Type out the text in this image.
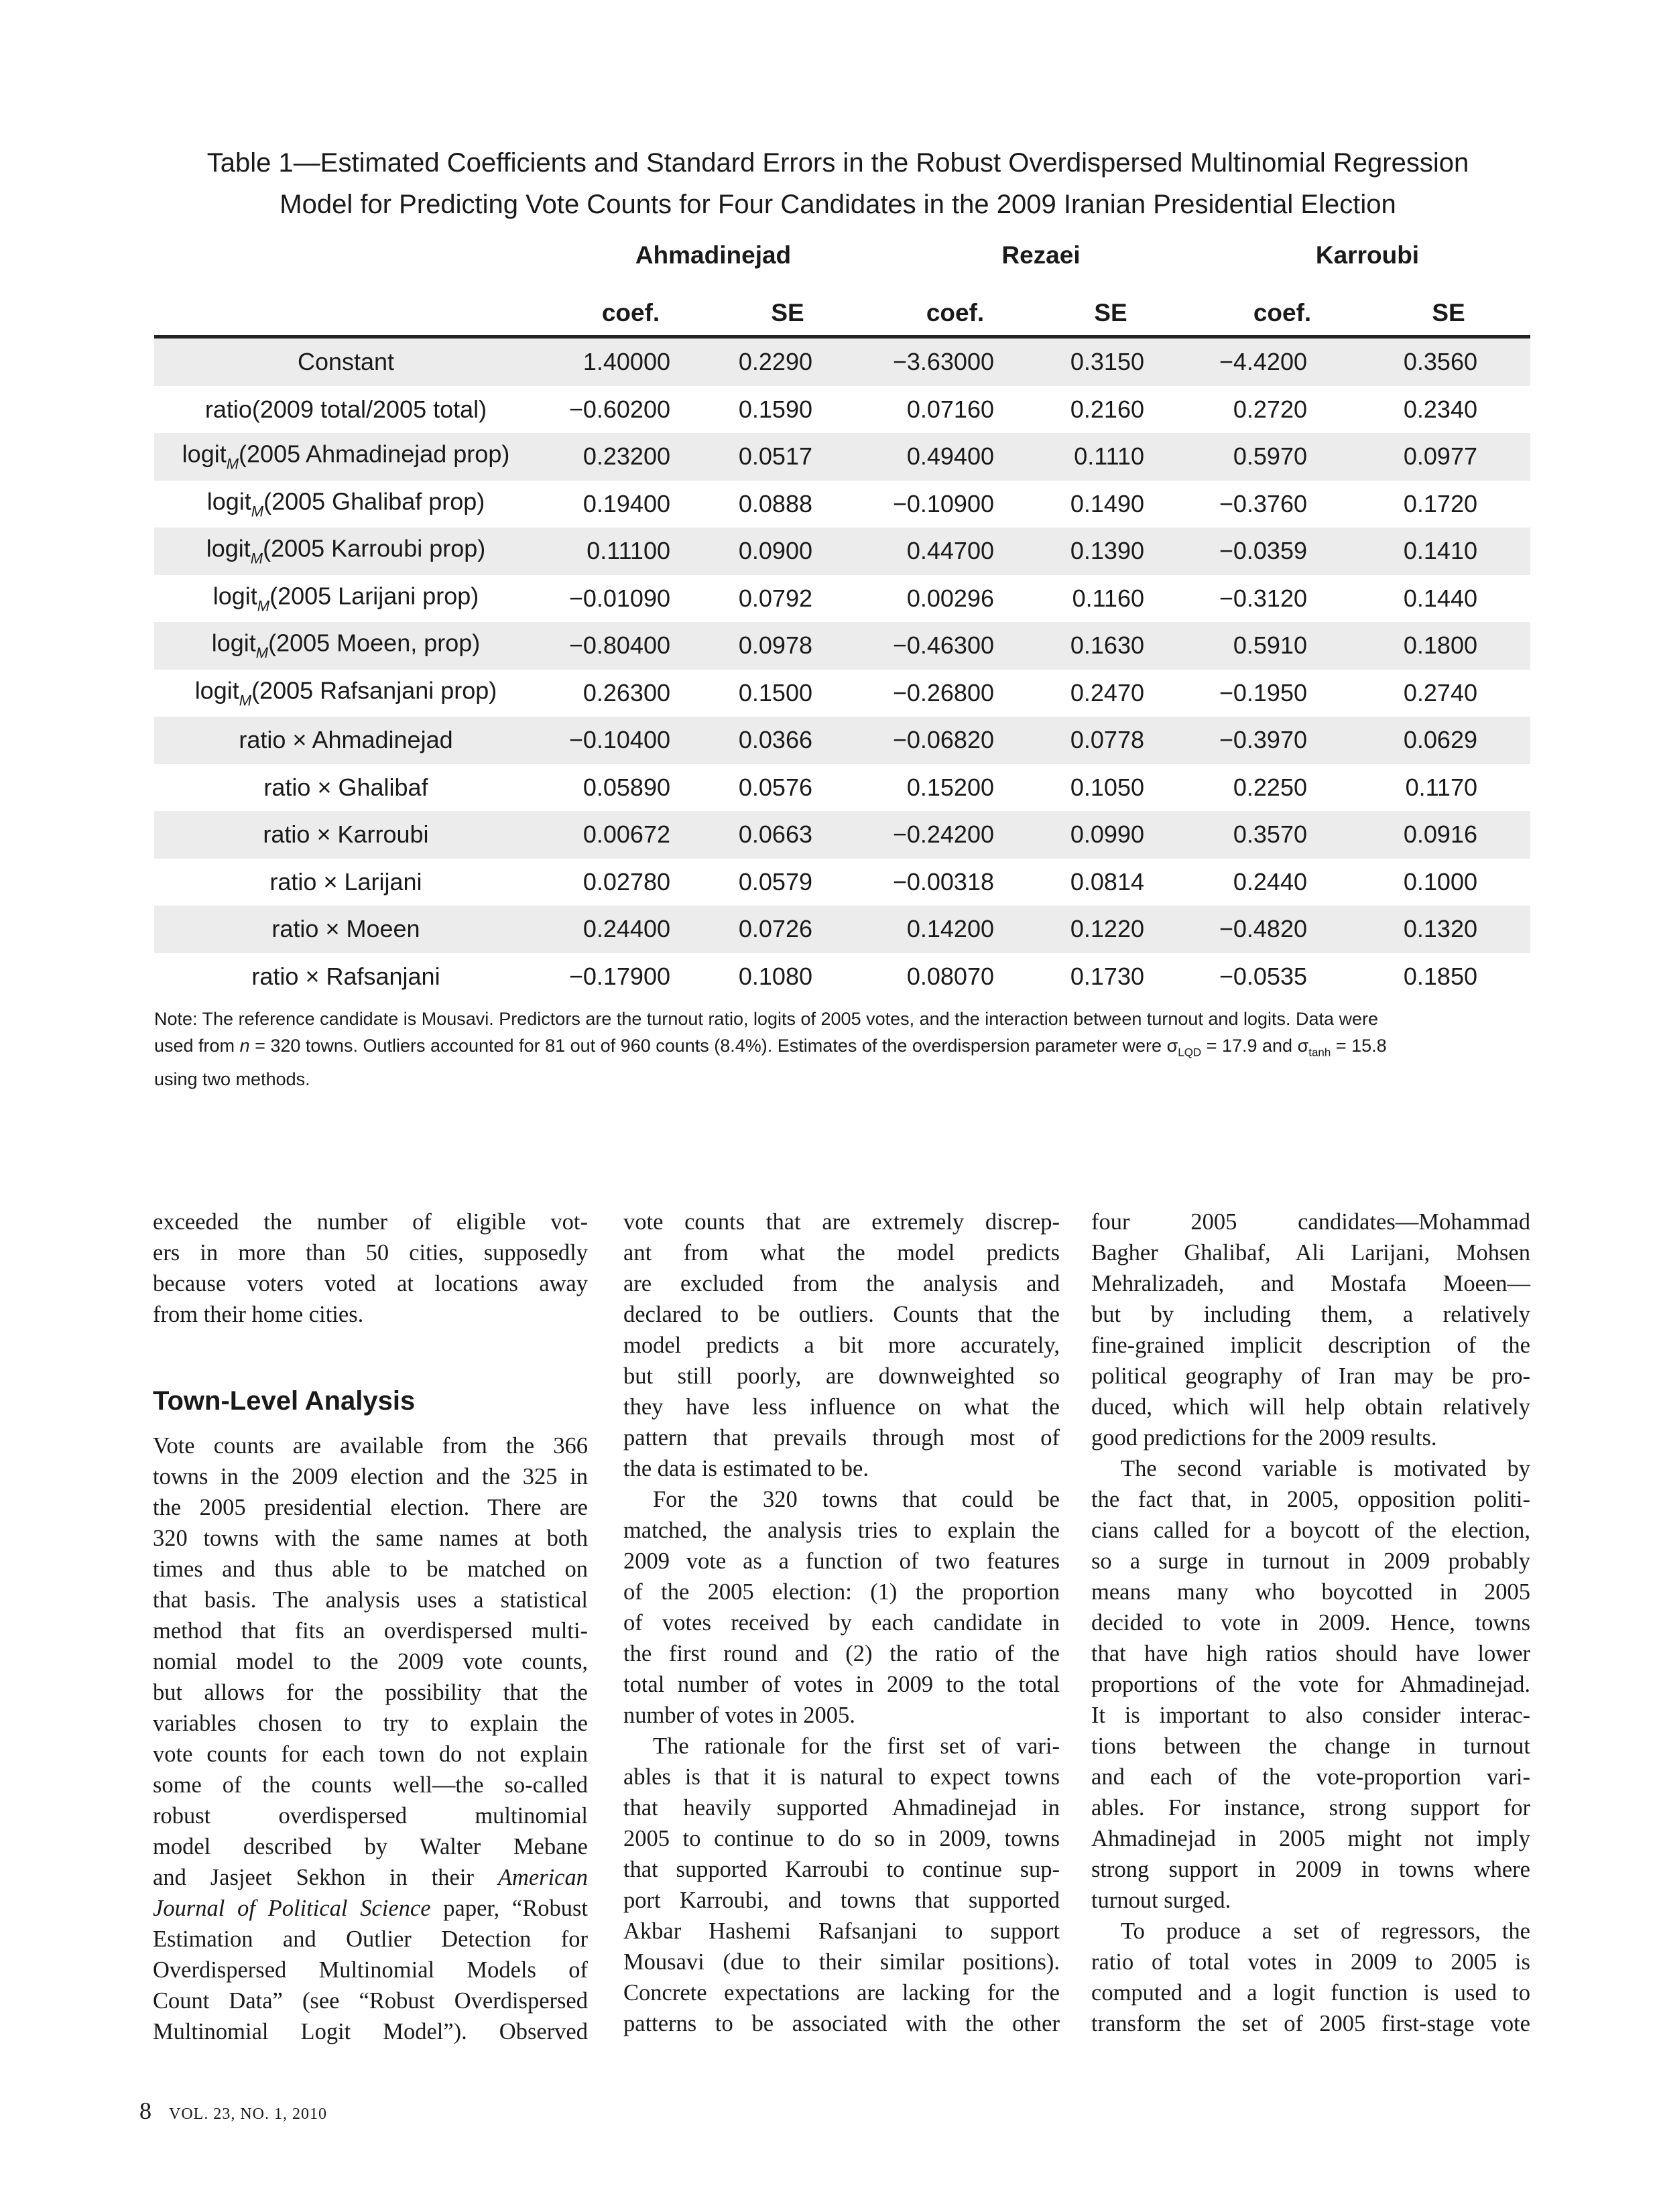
Table 1—Estimated Coefficients and Standard Errors in the Robust Overdispersed Multinomial Regression
Model for Predicting Vote Counts for Four Candidates in the 2009 Iranian Presidential Election
Ahmadinejad	Rezaei	Karroubi
coef.	SE	coef.	SE	coef.	SE
Constant	1.40000	0.2290	−3.63000	0.3150	−4.4200	0.3560
ratio(2009 total/2005 total)	−0.60200	0.1590	0.07160	0.2160	0.2720	0.2340
logit$_M$(2005 Ahmadinejad prop)	0.23200	0.0517	0.49400	0.1110	0.5970	0.0977
logit$_M$(2005 Ghalibaf prop)	0.19400	0.0888	−0.10900	0.1490	−0.3760	0.1720
logit$_M$(2005 Karroubi prop)	0.11100	0.0900	0.44700	0.1390	−0.0359	0.1410
logit$_M$(2005 Larijani prop)	−0.01090	0.0792	0.00296	0.1160	−0.3120	0.1440
logit$_M$(2005 Moeen, prop)	−0.80400	0.0978	−0.46300	0.1630	0.5910	0.1800
logit$_M$(2005 Rafsanjani prop)	0.26300	0.1500	−0.26800	0.2470	−0.1950	0.2740
ratio × Ahmadinejad	−0.10400	0.0366	−0.06820	0.0778	−0.3970	0.0629
ratio × Ghalibaf	0.05890	0.0576	0.15200	0.1050	0.2250	0.1170
ratio × Karroubi	0.00672	0.0663	−0.24200	0.0990	0.3570	0.0916
ratio × Larijani	0.02780	0.0579	−0.00318	0.0814	0.2440	0.1000
ratio × Moeen	0.24400	0.0726	0.14200	0.1220	−0.4820	0.1320
ratio × Rafsanjani	−0.17900	0.1080	0.08070	0.1730	−0.0535	0.1850
Note: The reference candidate is Mousavi. Predictors are the turnout ratio, logits of 2005 votes, and the interaction between turnout and logits. Data were
used from n = 320 towns. Outliers accounted for 81 out of 960 counts (8.4%). Estimates of the overdispersion parameter were $\sigma_{LQD} = 17.9$ and $\sigma_{tanh} = 15.8$
using two methods.
exceeded the number of eligible vot-
ers in more than 50 cities, supposedly
because voters voted at locations away
from their home cities.
Town-Level Analysis
Vote counts are available from the 366
towns in the 2009 election and the 325 in
the 2005 presidential election. There are
320 towns with the same names at both
times and thus able to be matched on
that basis. The analysis uses a statistical
method that fits an overdispersed multi-
nomial model to the 2009 vote counts,
but allows for the possibility that the
variables chosen to try to explain the
vote counts for each town do not explain
some of the counts well—the so-called
robust overdispersed multinomial
model described by Walter Mebane
and Jasjeet Sekhon in their American
Journal of Political Science paper, “Robust
Estimation and Outlier Detection for
Overdispersed Multinomial Models of
Count Data” (see “Robust Overdispersed
Multinomial Logit Model”). Observed
vote counts that are extremely discrep-
ant from what the model predicts
are excluded from the analysis and
declared to be outliers. Counts that the
model predicts a bit more accurately,
but still poorly, are downweighted so
they have less influence on what the
pattern that prevails through most of
the data is estimated to be.
For the 320 towns that could be
matched, the analysis tries to explain the
2009 vote as a function of two features
of the 2005 election: (1) the proportion
of votes received by each candidate in
the first round and (2) the ratio of the
total number of votes in 2009 to the total
number of votes in 2005.
The rationale for the first set of vari-
ables is that it is natural to expect towns
that heavily supported Ahmadinejad in
2005 to continue to do so in 2009, towns
that supported Karroubi to continue sup-
port Karroubi, and towns that supported
Akbar Hashemi Rafsanjani to support
Mousavi (due to their similar positions).
Concrete expectations are lacking for the
patterns to be associated with the other
four 2005 candidates—Mohammad
Bagher Ghalibaf, Ali Larijani, Mohsen
Mehralizadeh, and Mostafa Moeen—
but by including them, a relatively
fine-grained implicit description of the
political geography of Iran may be pro-
duced, which will help obtain relatively
good predictions for the 2009 results.
The second variable is motivated by
the fact that, in 2005, opposition politi-
cians called for a boycott of the election,
so a surge in turnout in 2009 probably
means many who boycotted in 2005
decided to vote in 2009. Hence, towns
that have high ratios should have lower
proportions of the vote for Ahmadinejad.
It is important to also consider interac-
tions between the change in turnout
and each of the vote-proportion vari-
ables. For instance, strong support for
Ahmadinejad in 2005 might not imply
strong support in 2009 in towns where
turnout surged.
To produce a set of regressors, the
ratio of total votes in 2009 to 2005 is
computed and a logit function is used to
transform the set of 2005 first-stage vote
8 VOL. 23, NO. 1, 2010
